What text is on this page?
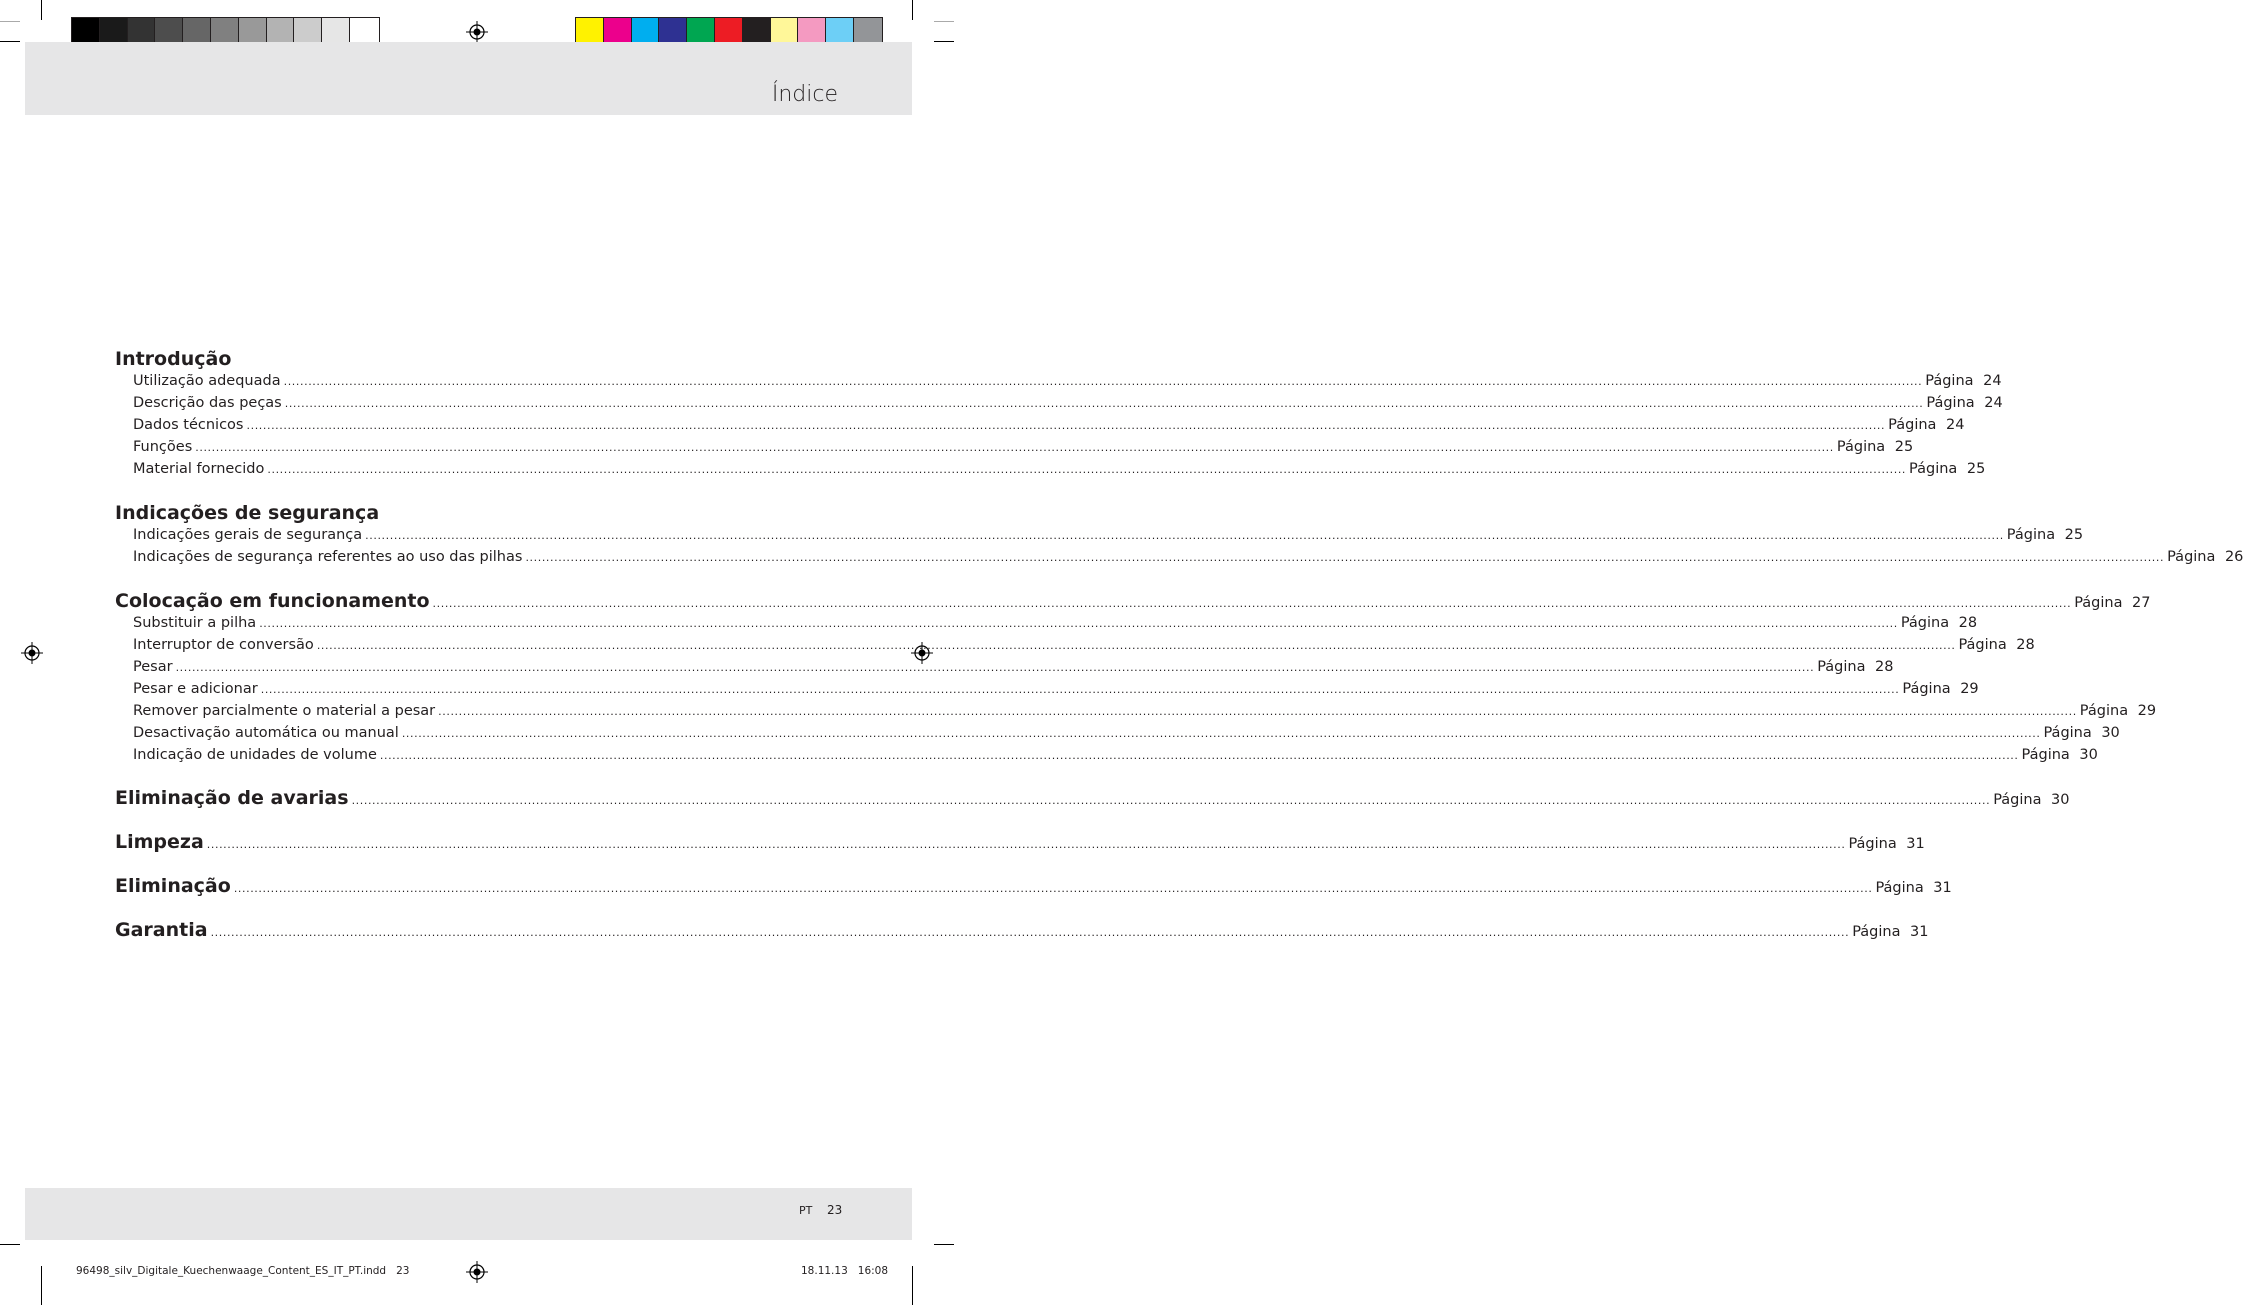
Índice
Introdução
Utilização adequada ................................................................................................................................................................................................................................................................................................................................................................................................................ Página 24
Descrição das peças ................................................................................................................................................................................................................................................................................................................................................................................................................ Página 24
Dados técnicos ................................................................................................................................................................................................................................................................................................................................................................................................................ Página 24
Funções ................................................................................................................................................................................................................................................................................................................................................................................................................ Página 25
Material fornecido ................................................................................................................................................................................................................................................................................................................................................................................................................ Página 25
Indicações de segurança
Indicações gerais de segurança ................................................................................................................................................................................................................................................................................................................................................................................................................ Página 25
Indicações de segurança referentes ao uso das pilhas ................................................................................................................................................................................................................................................................................................................................................................................................................ Página 26
Colocação em funcionamento ................................................................................................................................................................................................................................................................................................................................................................................................................ Página 27
Substituir a pilha ................................................................................................................................................................................................................................................................................................................................................................................................................ Página 28
Interruptor de conversão ................................................................................................................................................................................................................................................................................................................................................................................................................ Página 28
Pesar ................................................................................................................................................................................................................................................................................................................................................................................................................ Página 28
Pesar e adicionar ................................................................................................................................................................................................................................................................................................................................................................................................................ Página 29
Remover parcialmente o material a pesar ................................................................................................................................................................................................................................................................................................................................................................................................................ Página 29
Desactivação automática ou manual ................................................................................................................................................................................................................................................................................................................................................................................................................ Página 30
Indicação de unidades de volume ................................................................................................................................................................................................................................................................................................................................................................................................................ Página 30
Eliminação de avarias ................................................................................................................................................................................................................................................................................................................................................................................................................ Página 30
Limpeza ................................................................................................................................................................................................................................................................................................................................................................................................................ Página 31
Eliminação ................................................................................................................................................................................................................................................................................................................................................................................................................ Página 31
Garantia ................................................................................................................................................................................................................................................................................................................................................................................................................ Página 31
PT 23
96498_silv_Digitale_Kuechenwaage_Content_ES_IT_PT.indd   23	18.11.13   16:08
